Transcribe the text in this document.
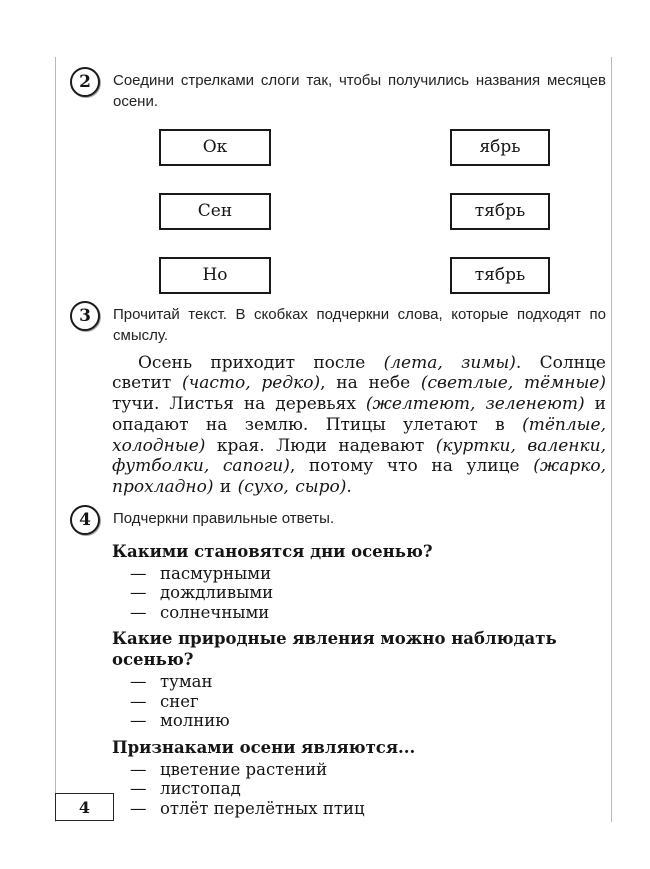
2	Соедини стрелками слоги так, чтобы получились названия месяцев осени.

Ок	ябрь
Сен	тябрь
Но	тябрь
3	Прочитай текст. В скобках подчеркни слова, которые подходят по смыслу.

Осень приходит после (лета, зимы). Солнце светит (часто, редко), на небе (светлые, тёмные) тучи. Листья на деревьях (желтеют, зеленеют) и опадают на землю. Птицы улетают в (тёплые, холодные) края. Люди надевают (куртки, валенки, футболки, сапоги), потому что на улице (жарко, прохладно) и (сухо, сыро).

4	Подчеркни правильные ответы.

Какими становятся дни осенью?

— пасмурными
— дождливыми
— солнечными

Какие природные явления можно наблюдать осенью?

— туман
— снег
— молнию

Признаками осени являются...

— цветение растений
— листопад
— отлёт перелётных птиц
4
